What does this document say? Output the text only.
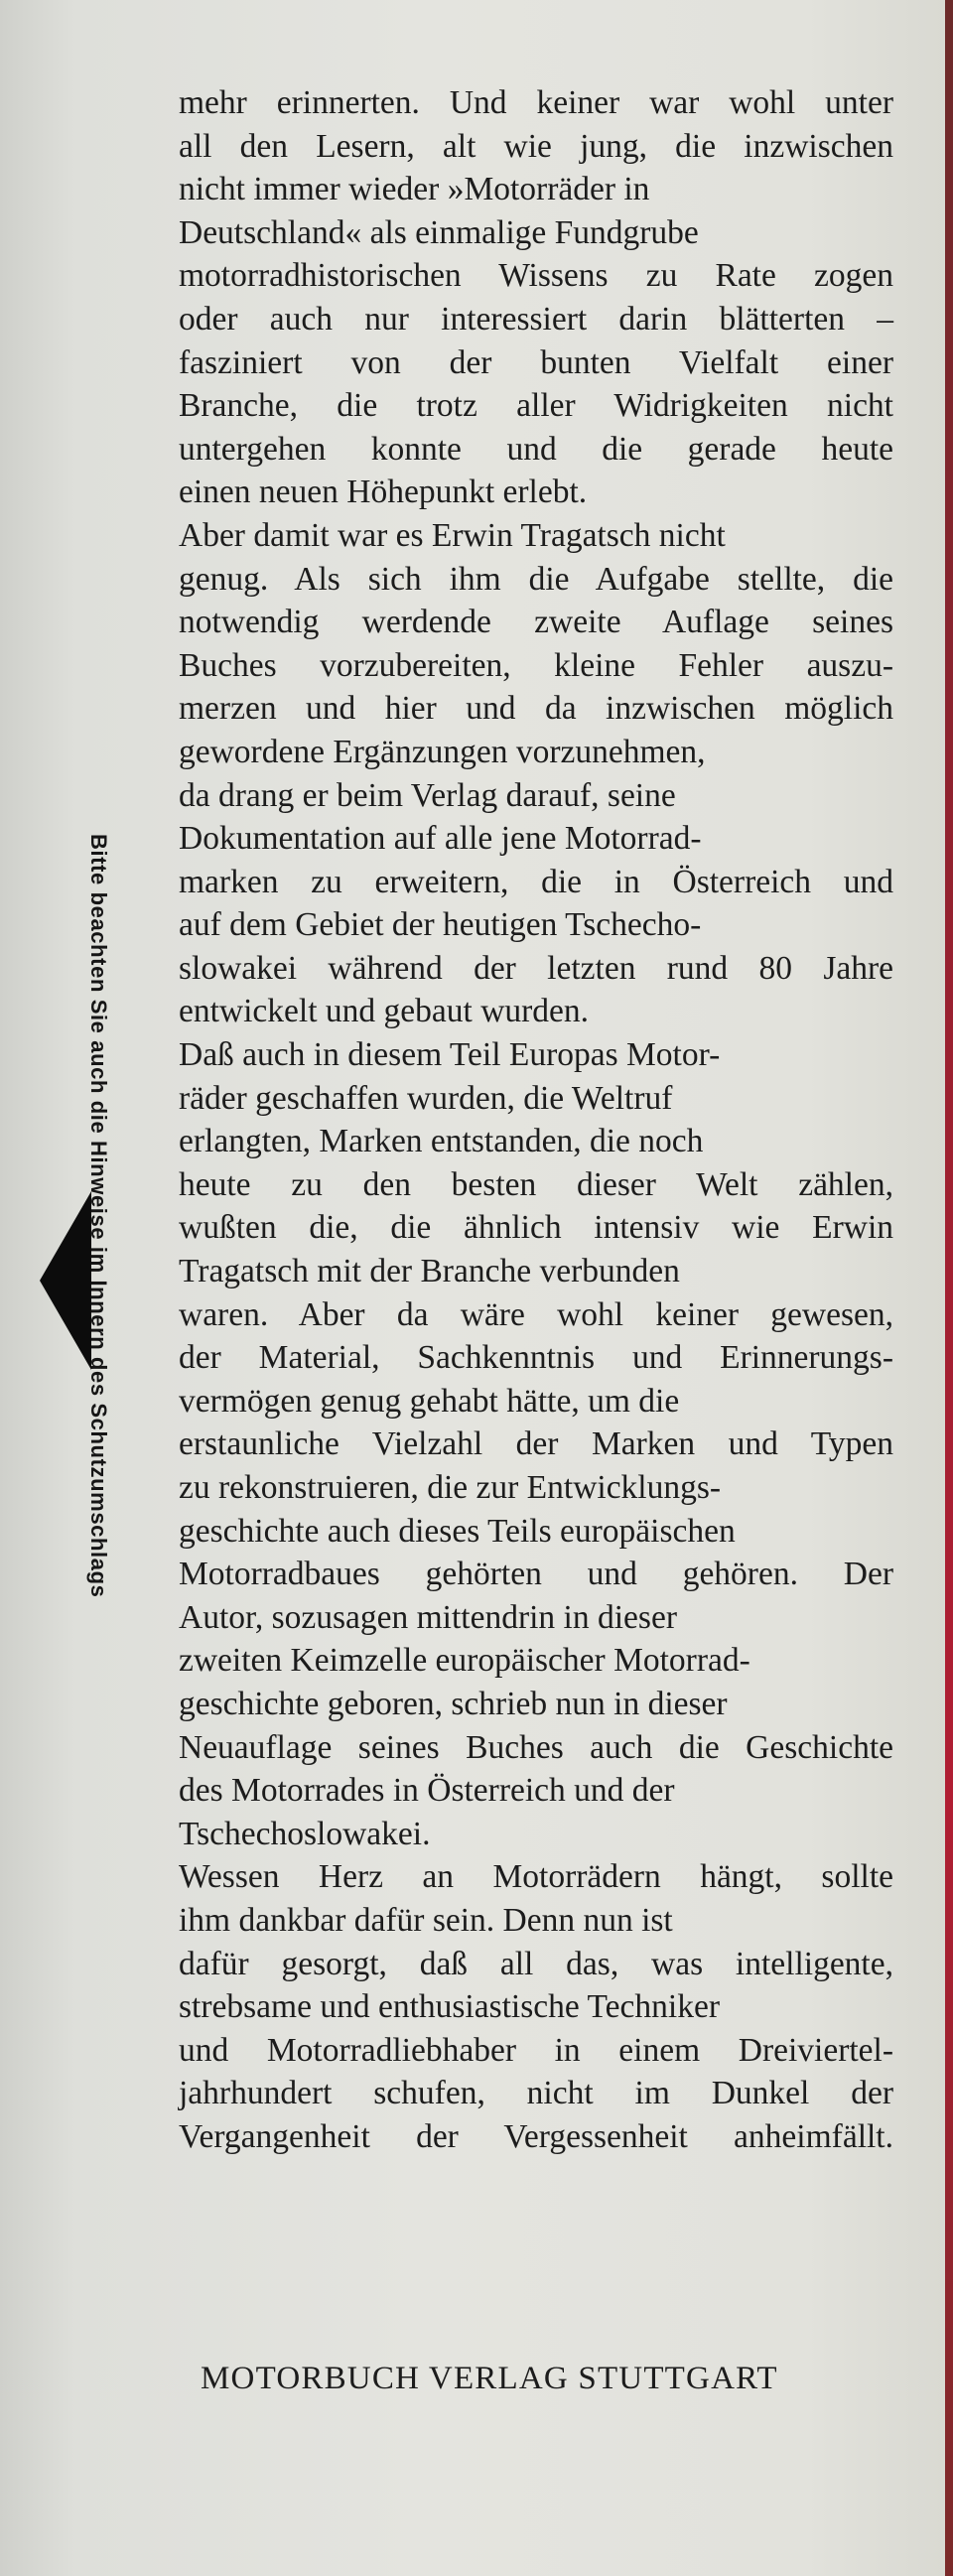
Bitte beachten Sie auch die Hinweise im Innern des Schutzumschlags
mehr erinnerten. Und keiner war wohl unter
all den Lesern, alt wie jung, die inzwischen
nicht immer wieder »Motorräder in
Deutschland« als einmalige Fundgrube
motorradhistorischen Wissens zu Rate zogen
oder auch nur interessiert darin blätterten –
fasziniert von der bunten Vielfalt einer
Branche, die trotz aller Widrigkeiten nicht
untergehen konnte und die gerade heute
einen neuen Höhepunkt erlebt.
Aber damit war es Erwin Tragatsch nicht
genug. Als sich ihm die Aufgabe stellte, die
notwendig werdende zweite Auflage seines
Buches vorzubereiten, kleine Fehler auszu-
merzen und hier und da inzwischen möglich
gewordene Ergänzungen vorzunehmen,
da drang er beim Verlag darauf, seine
Dokumentation auf alle jene Motorrad-
marken zu erweitern, die in Österreich und
auf dem Gebiet der heutigen Tschecho-
slowakei während der letzten rund 80 Jahre
entwickelt und gebaut wurden.
Daß auch in diesem Teil Europas Motor-
räder geschaffen wurden, die Weltruf
erlangten, Marken entstanden, die noch
heute zu den besten dieser Welt zählen,
wußten die, die ähnlich intensiv wie Erwin
Tragatsch mit der Branche verbunden
waren. Aber da wäre wohl keiner gewesen,
der Material, Sachkenntnis und Erinnerungs-
vermögen genug gehabt hätte, um die
erstaunliche Vielzahl der Marken und Typen
zu rekonstruieren, die zur Entwicklungs-
geschichte auch dieses Teils europäischen
Motorradbaues gehörten und gehören. Der
Autor, sozusagen mittendrin in dieser
zweiten Keimzelle europäischer Motorrad-
geschichte geboren, schrieb nun in dieser
Neuauflage seines Buches auch die Geschichte
des Motorrades in Österreich und der
Tschechoslowakei.
Wessen Herz an Motorrädern hängt, sollte
ihm dankbar dafür sein. Denn nun ist
dafür gesorgt, daß all das, was intelligente,
strebsame und enthusiastische Techniker
und Motorradliebhaber in einem Dreiviertel-
jahrhundert schufen, nicht im Dunkel der
Vergangenheit der Vergessenheit anheimfällt.
MOTORBUCH VERLAG STUTTGART
